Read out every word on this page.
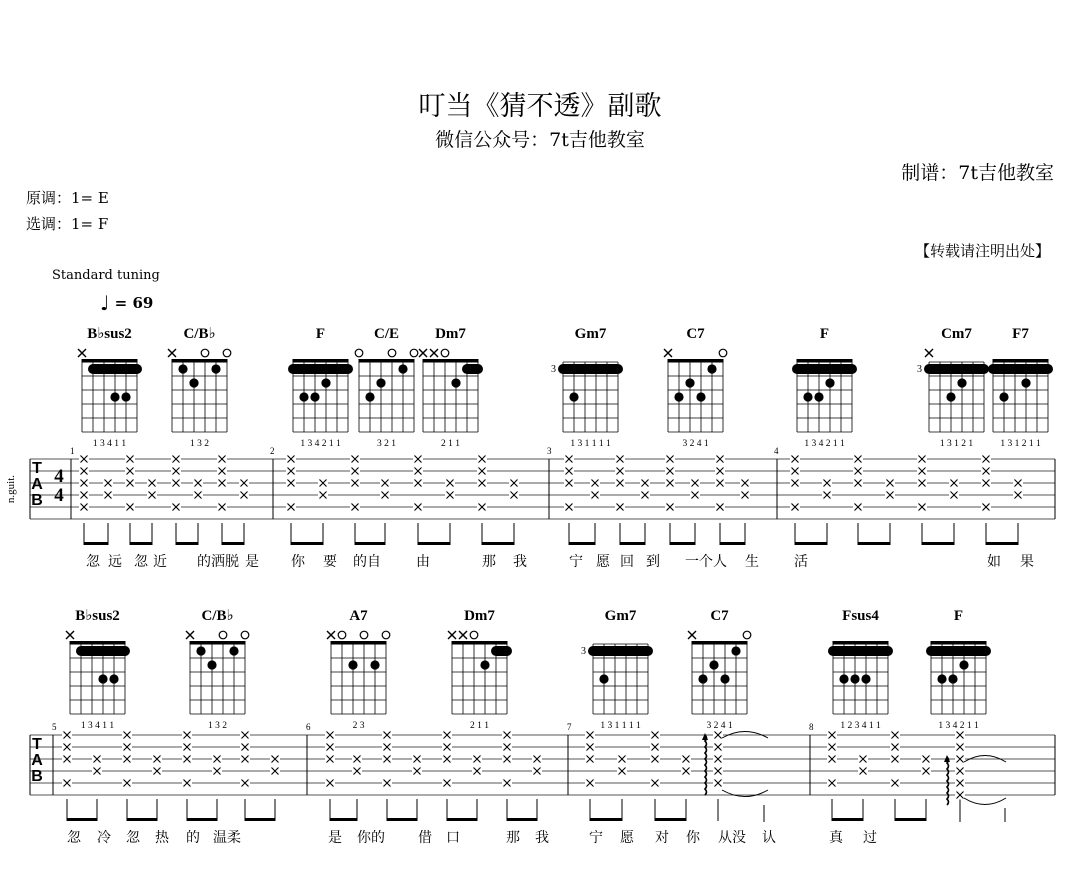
叮当《猜不透》副歌
微信公众号：7t吉他教室
制谱：7t吉他教室
原调：1= E
选调：1= F
【转载请注明出处】
Standard tuning
♩ = 69
B♭sus2
1 3 4 1 1
C/B♭
1 3 2
F
1 3 4 2 1 1
C/E
3 2 1
Dm7
2 1 1
Gm7
3
1 3 1 1 1 1
C7
3 2 4 1
F
1 3 4 2 1 1
Cm7
3
1 3 1 2 1
F7
1 3 1 2 1 1
T
A
B
4
4
n.guit.
1	2	3	4
忽 远 忽 近 的洒脱 是 你 要 的自	由	那 我	宁 愿 回 到 一个人 生	活	如 果
B♭sus2
1 3 4 1 1
C/B♭
1 3 2
A7
2 3
Dm7
2 1 1
Gm7
3
1 3 1 1 1 1
C7
3 2 4 1
Fsus4
1 2 3 4 1 1
F
1 3 4 2 1 1
T
A
B
5	6	7	8
忽 冷 忽 热 的 温柔	是 你的 借 口	那 我	宁 愿 对 你 从没 认	真 过
